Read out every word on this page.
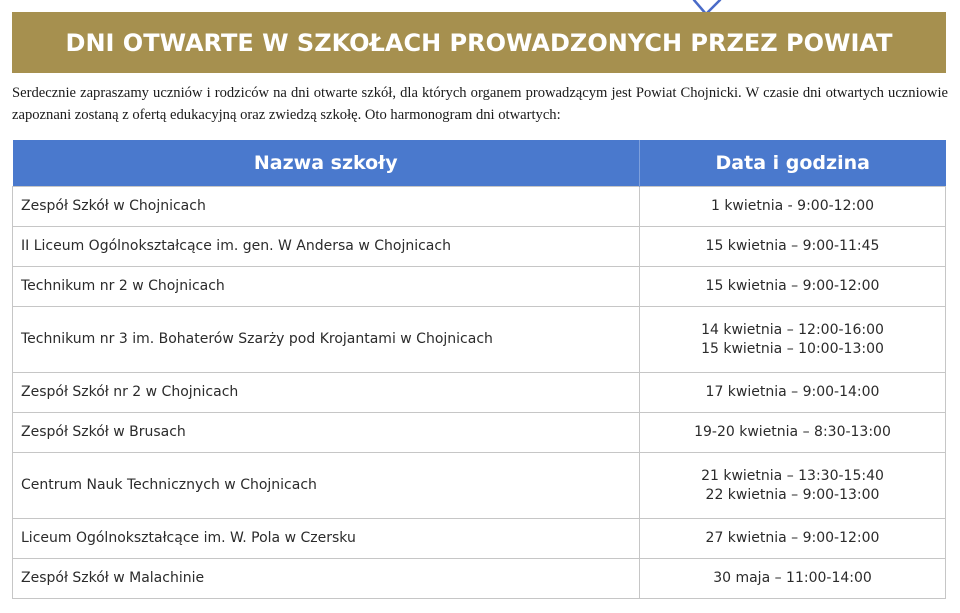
DNI OTWARTE W SZKOŁACH PROWADZONYCH PRZEZ POWIAT

Serdecznie zapraszamy uczniów i rodziców na dni otwarte szkół, dla których organem prowadzącym jest Powiat Chojnicki. W czasie dni otwartych uczniowie zapoznani zostaną z ofertą edukacyjną oraz zwiedzą szkołę. Oto harmonogram dni otwartych:

Nazwa szkoły	Data i godzina
Zespół Szkół w Chojnicach	1 kwietnia - 9:00-12:00

II Liceum Ogólnokształcące im. gen. W Andersa w Chojnicach	15 kwietnia – 9:00-11:45

Technikum nr 2 w Chojnicach	15 kwietnia – 9:00-12:00

Technikum nr 3 im. Bohaterów Szarży pod Krojantami w Chojnicach	14 kwietnia – 12:00-16:00
15 kwietnia – 10:00-13:00

Zespół Szkół nr 2 w Chojnicach	17 kwietnia – 9:00-14:00

Zespół Szkół w Brusach	19-20 kwietnia – 8:30-13:00

Centrum Nauk Technicznych w Chojnicach	21 kwietnia – 13:30-15:40
22 kwietnia – 9:00-13:00

Liceum Ogólnokształcące im. W. Pola w Czersku	27 kwietnia – 9:00-12:00

Zespół Szkół w Malachinie	30 maja – 11:00-14:00
